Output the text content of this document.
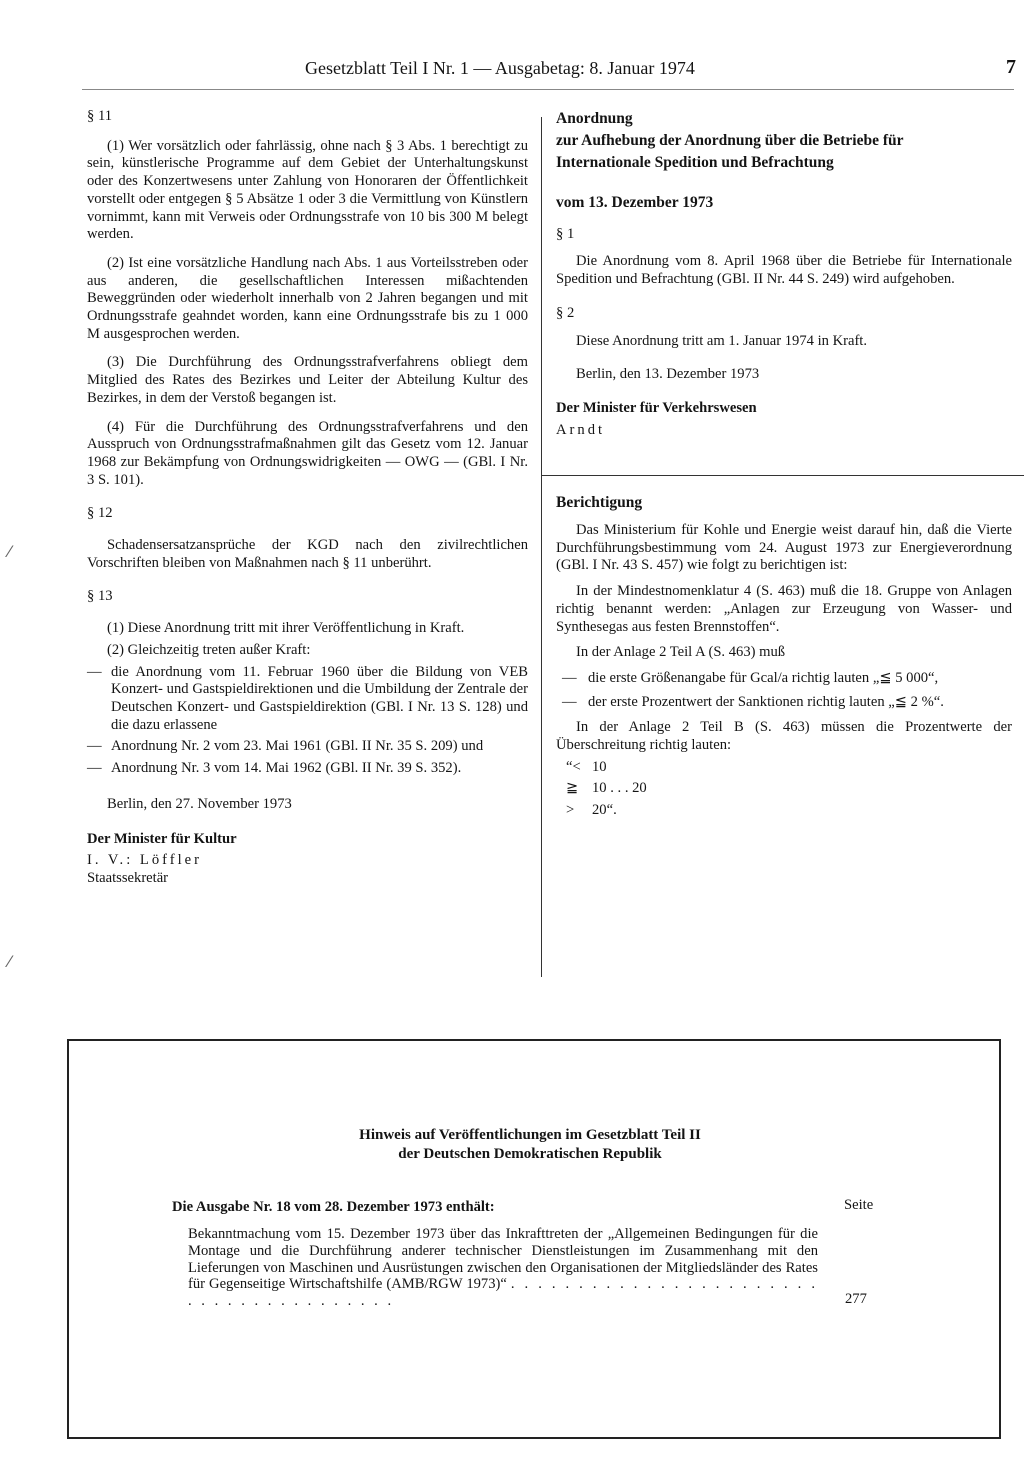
Gesetzblatt Teil I Nr. 1 — Ausgabetag: 8. Januar 1974	7

§ 11

(1) Wer vorsätzlich oder fahrlässig, ohne nach § 3 Abs. 1 berechtigt zu sein, künstlerische Programme auf dem Gebiet der Unterhaltungskunst oder des Konzertwesens unter Zahlung von Honoraren der Öffentlichkeit vorstellt oder entgegen § 5 Absätze 1 oder 3 die Vermittlung von Künstlern vornimmt, kann mit Verweis oder Ordnungsstrafe von 10 bis 300 M belegt werden.

(2) Ist eine vorsätzliche Handlung nach Abs. 1 aus Vorteilsstreben oder aus anderen, die gesellschaftlichen Interessen mißachtenden Beweggründen oder wiederholt innerhalb von 2 Jahren begangen und mit Ordnungsstrafe geahndet worden, kann eine Ordnungsstrafe bis zu 1 000 M ausgesprochen werden.

(3) Die Durchführung des Ordnungsstrafverfahrens obliegt dem Mitglied des Rates des Bezirkes und Leiter der Abteilung Kultur des Bezirkes, in dem der Verstoß begangen ist.

(4) Für die Durchführung des Ordnungsstrafverfahrens und den Ausspruch von Ordnungsstrafmaßnahmen gilt das Gesetz vom 12. Januar 1968 zur Bekämpfung von Ordnungswidrigkeiten — OWG — (GBl. I Nr. 3 S. 101).

§ 12

Schadensersatzansprüche der KGD nach den zivilrechtlichen Vorschriften bleiben von Maßnahmen nach § 11 unberührt.

§ 13

(1) Diese Anordnung tritt mit ihrer Veröffentlichung in Kraft.

(2) Gleichzeitig treten außer Kraft:

— die Anordnung vom 11. Februar 1960 über die Bildung von VEB Konzert- und Gastspieldirektionen und die Umbildung der Zentrale der Deutschen Konzert- und Gastspieldirektion (GBl. I Nr. 13 S. 128) und die dazu erlassene
— Anordnung Nr. 2 vom 23. Mai 1961 (GBl. II Nr. 35 S. 209) und
— Anordnung Nr. 3 vom 14. Mai 1962 (GBl. II Nr. 39 S. 352).

Berlin, den 27. November 1973

Der Minister für Kultur

I. V.: Löffler

Staatssekretär

Anordnung

zur Aufhebung der Anordnung über die Betriebe für

Internationale Spedition und Befrachtung

vom 13. Dezember 1973

§ 1

Die Anordnung vom 8. April 1968 über die Betriebe für Internationale Spedition und Befrachtung (GBl. II Nr. 44 S. 249) wird aufgehoben.

§ 2

Diese Anordnung tritt am 1. Januar 1974 in Kraft.

Berlin, den 13. Dezember 1973

Der Minister für Verkehrswesen

Arndt

Berichtigung

Das Ministerium für Kohle und Energie weist darauf hin, daß die Vierte Durchführungsbestimmung vom 24. August 1973 zur Energieverordnung (GBl. I Nr. 43 S. 457) wie folgt zu berichtigen ist:

In der Mindestnomenklatur 4 (S. 463) muß die 18. Gruppe von Anlagen richtig benannt werden: „Anlagen zur Erzeugung von Wasser- und Synthesegas aus festen Brennstoffen“.

In der Anlage 2 Teil A (S. 463) muß

— die erste Größenangabe für Gcal/a richtig lauten „≦ 5 000“,
— der erste Prozentwert der Sanktionen richtig lauten „≦ 2 %“.

In der Anlage 2 Teil B (S. 463) müssen die Prozentwerte der Überschreitung richtig lauten:

“< 10
≧ 10 . . . 20
>	20“.
⁄
⁄
Hinweis auf Veröffentlichungen im Gesetzblatt Teil II
der Deutschen Demokratischen Republik
Die Ausgabe Nr. 18 vom 28. Dezember 1973 enthält:	Seite
Bekanntmachung vom 15. Dezember 1973 über das Inkrafttreten der „Allgemeinen Bedingungen für die Montage und die Durchführung anderer technischer Dienstleistungen im Zusammenhang mit den Lieferungen von Maschinen und Ausrüstungen zwischen den Organisationen der Mitgliedsländer des Rates für Gegenseitige Wirtschaftshilfe (AMB/RGW 1973)“ . . . . . . . . . . . . . . . . . . . . . . . . . . . . . . . . . . . . . . .	277
